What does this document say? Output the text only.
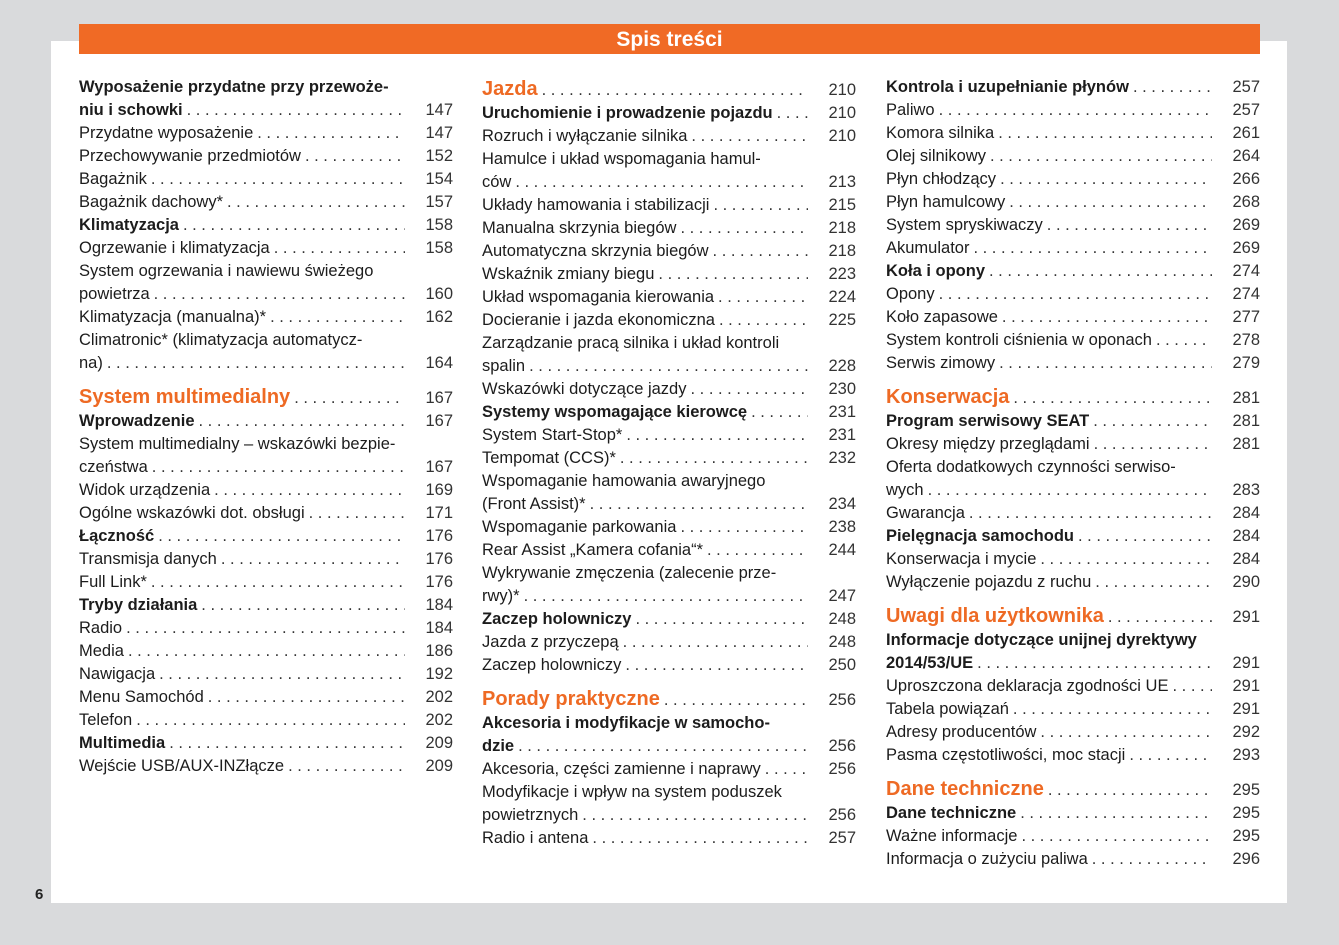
Spis treści
Wyposażenie przydatne przy przewoże-
niu i schowki . . .	147
Przydatne wyposażenie . . .	147
Przechowywanie przedmiotów . . .	152
Bagażnik . . .	154
Bagażnik dachowy* . . .	157
Klimatyzacja . . .	158
Ogrzewanie i klimatyzacja . . .	158
System ogrzewania i nawiewu świeżego
powietrza . . .	160
Klimatyzacja (manualna)* . . .	162
Climatronic* (klimatyzacja automatycz-
na) . . .	164
System multimedialny . . .	167
Wprowadzenie . . .	167
System multimedialny – wskazówki bezpie-
czeństwa . . .	167
Widok urządzenia . . .	169
Ogólne wskazówki dot. obsługi . . .	171
Łączność . . .	176
Transmisja danych . . .	176
Full Link* . . .	176
Tryby działania . . .	184
Radio . . .	184
Media . . .	186
Nawigacja . . .	192
Menu Samochód . . .	202
Telefon . . .	202
Multimedia . . .	209
Wejście USB/AUX-INZłącze . . .	209
Jazda . . .	210
Uruchomienie i prowadzenie pojazdu . . .	210
Rozruch i wyłączanie silnika . . .	210
Hamulce i układ wspomagania hamul-
ców . . .	213
Układy hamowania i stabilizacji . . .	215
Manualna skrzynia biegów . . .	218
Automatyczna skrzynia biegów . . .	218
Wskaźnik zmiany biegu . . .	223
Układ wspomagania kierowania . . .	224
Docieranie i jazda ekonomiczna . . .	225
Zarządzanie pracą silnika i układ kontroli
spalin . . .	228
Wskazówki dotyczące jazdy . . .	230
Systemy wspomagające kierowcę . . .	231
System Start-Stop* . . .	231
Tempomat (CCS)* . . .	232
Wspomaganie hamowania awaryjnego
(Front Assist)* . . .	234
Wspomaganie parkowania . . .	238
Rear Assist „Kamera cofania“* . . .	244
Wykrywanie zmęczenia (zalecenie prze-
rwy)* . . .	247
Zaczep holowniczy . . .	248
Jazda z przyczepą . . .	248
Zaczep holowniczy . . .	250
Porady praktyczne . . .	256
Akcesoria i modyfikacje w samocho-
dzie . . .	256
Akcesoria, części zamienne i naprawy . . .	256
Modyfikacje i wpływ na system poduszek
powietrznych . . .	256
Radio i antena . . .	257
Kontrola i uzupełnianie płynów . . .	257
Paliwo . . .	257
Komora silnika . . .	261
Olej silnikowy . . .	264
Płyn chłodzący . . .	266
Płyn hamulcowy . . .	268
System spryskiwaczy . . .	269
Akumulator . . .	269
Koła i opony . . .	274
Opony . . .	274
Koło zapasowe . . .	277
System kontroli ciśnienia w oponach . . .	278
Serwis zimowy . . .	279
Konserwacja . . .	281
Program serwisowy SEAT . . .	281
Okresy między przeglądami . . .	281
Oferta dodatkowych czynności serwiso-
wych . . .	283
Gwarancja . . .	284
Pielęgnacja samochodu . . .	284
Konserwacja i mycie . . .	284
Wyłączenie pojazdu z ruchu . . .	290
Uwagi dla użytkownika . . .	291
Informacje dotyczące unijnej dyrektywy
2014/53/UE . . .	291
Uproszczona deklaracja zgodności UE . . .	291
Tabela powiązań . . .	291
Adresy producentów . . .	292
Pasma częstotliwości, moc stacji . . .	293
Dane techniczne . . .	295
Dane techniczne . . .	295
Ważne informacje . . .	295
Informacja o zużyciu paliwa . . .	296
6
